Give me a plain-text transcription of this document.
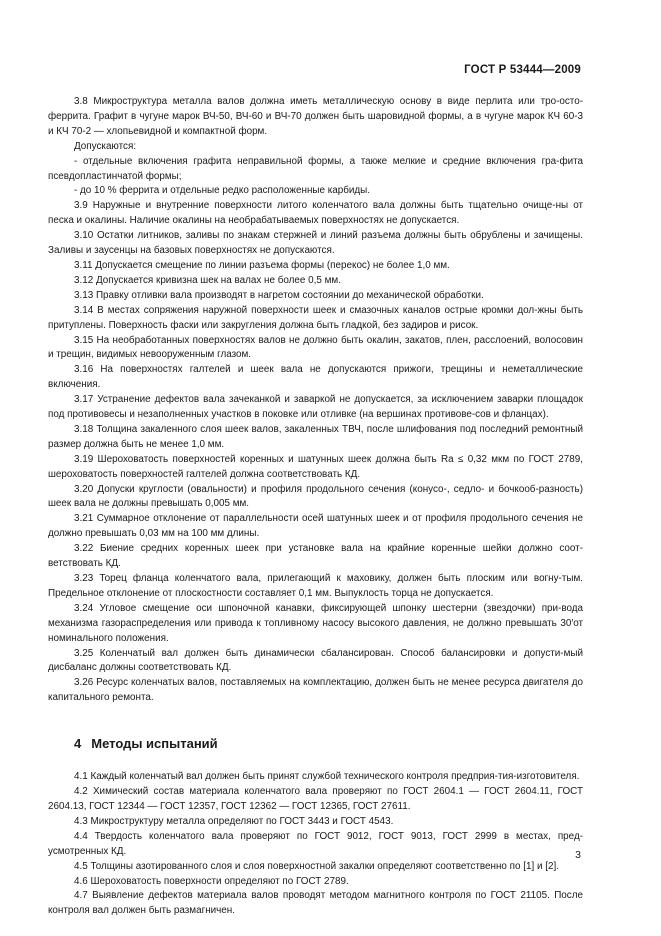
ГОСТ Р 53444—2009

3.8 Микроструктура металла валов должна иметь металлическую основу в виде перлита или тро-осто-феррита. Графит в чугуне марок ВЧ-50, ВЧ-60 и ВЧ-70 должен быть шаровидной формы, а в чугуне марок КЧ 60-3 и КЧ 70-2 — хлопьевидной и компактной форм.

Допускаются:

- отдельные включения графита неправильной формы, а также мелкие и средние включения гра-фита псевдопластинчатой формы;

- до 10 % феррита и отдельные редко расположенные карбиды.

3.9 Наружные и внутренние поверхности литого коленчатого вала должны быть тщательно очище-ны от песка и окалины. Наличие окалины на необрабатываемых поверхностях не допускается.

3.10 Остатки литников, заливы по знакам стержней и линий разъема должны быть обрублены и зачищены. Заливы и заусенцы на базовых поверхностях не допускаются.

3.11 Допускается смещение по линии разъема формы (перекос) не более 1,0 мм.

3.12 Допускается кривизна шек на валах не более 0,5 мм.

3.13 Правку отливки вала производят в нагретом состоянии до механической обработки.

3.14 В местах сопряжения наружной поверхности шеек и смазочных каналов острые кромки дол-жны быть притуплены. Поверхность фаски или закругления должна быть гладкой, без задиров и рисок.

3.15 На необработанных поверхностях валов не должно быть окалин, закатов, плен, расслоений, волосовин и трещин, видимых невооруженным глазом.

3.16 На поверхностях галтелей и шеек вала не допускаются прижоги, трещины и неметаллические включения.

3.17 Устранение дефектов вала зачеканкой и заваркой не допускается, за исключением заварки площадок под противовесы и незаполненных участков в поковке или отливке (на вершинах противове-сов и фланцах).

3.18 Толщина закаленного слоя шеек валов, закаленных ТВЧ, после шлифования под последний ремонтный размер должна быть не менее 1,0 мм.

3.19 Шероховатость поверхностей коренных и шатунных шеек должна быть Ra ≤ 0,32 мкм по ГОСТ 2789, шероховатость поверхностей галтелей должна соответствовать КД.

3.20 Допуски круглости (овальности) и профиля продольного сечения (конусо-, седло- и бочкооб-разность) шеек вала не должны превышать 0,005 мм.

3.21 Суммарное отклонение от параллельности осей шатунных шеек и от профиля продольного сечения не должно превышать 0,03 мм на 100 мм длины.

3.22 Биение средних коренных шеек при установке вала на крайние коренные шейки должно соот-ветствовать КД.

3.23 Торец фланца коленчатого вала, прилегающий к маховику, должен быть плоским или вогну-тым. Предельное отклонение от плоскостности составляет 0,1 мм. Выпуклость торца не допускается.

3.24 Угловое смещение оси шпоночной канавки, фиксирующей шпонку шестерни (звездочки) при-вода механизма газораспределения или привода к топливному насосу высокого давления, не должно превышать 30′от номинального положения.

3.25 Коленчатый вал должен быть динамически сбалансирован. Способ балансировки и допусти-мый дисбаланс должны соответствовать КД.

3.26 Ресурс коленчатых валов, поставляемых на комплектацию, должен быть не менее ресурса двигателя до капитального ремонта.

4 Методы испытаний

4.1 Каждый коленчатый вал должен быть принят службой технического контроля предприя-тия-изготовителя.

4.2 Химический состав материала коленчатого вала проверяют по ГОСТ 2604.1 — ГОСТ 2604.11, ГОСТ 2604.13, ГОСТ 12344 — ГОСТ 12357, ГОСТ 12362 — ГОСТ 12365, ГОСТ 27611.

4.3 Микроструктуру металла определяют по ГОСТ 3443 и ГОСТ 4543.

4.4 Твердость коленчатого вала проверяют по ГОСТ 9012, ГОСТ 9013, ГОСТ 2999 в местах, пред-усмотренных КД.

4.5 Толщины азотированного слоя и слоя поверхностной закалки определяют соответственно по [1] и [2].

4.6 Шероховатость поверхности определяют по ГОСТ 2789.

4.7 Выявление дефектов материала валов проводят методом магнитного контроля по ГОСТ 21105. После контроля вал должен быть размагничен.

3
